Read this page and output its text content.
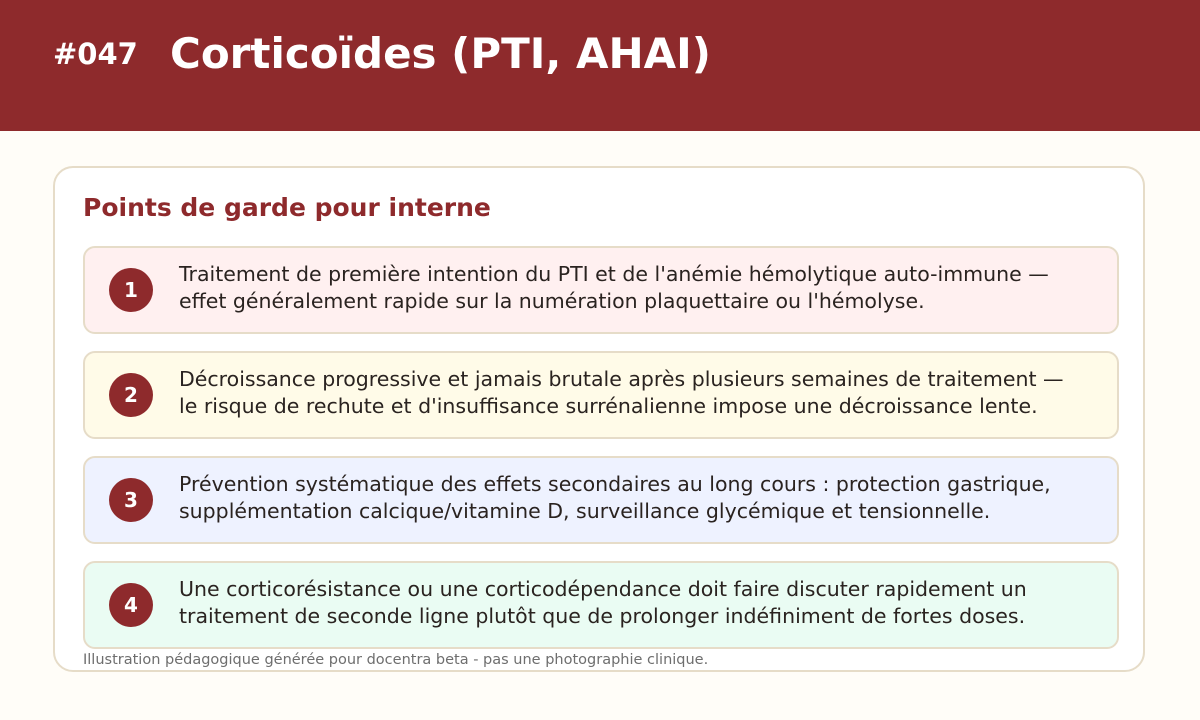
#047 Corticoïdes (PTI, AHAI)
Points de garde pour interne
1
Traitement de première intention du PTI et de l'anémie hémolytique auto-immune — effet généralement rapide sur la numération plaquettaire ou l'hémolyse.
2
Décroissance progressive et jamais brutale après plusieurs semaines de traitement — le risque de rechute et d'insuffisance surrénalienne impose une décroissance lente.
3
Prévention systématique des effets secondaires au long cours : protection gastrique, supplémentation calcique/vitamine D, surveillance glycémique et tensionnelle.
4
Une corticorésistance ou une corticodépendance doit faire discuter rapidement un traitement de seconde ligne plutôt que de prolonger indéfiniment de fortes doses.
Illustration pédagogique générée pour docentra beta - pas une photographie clinique.
